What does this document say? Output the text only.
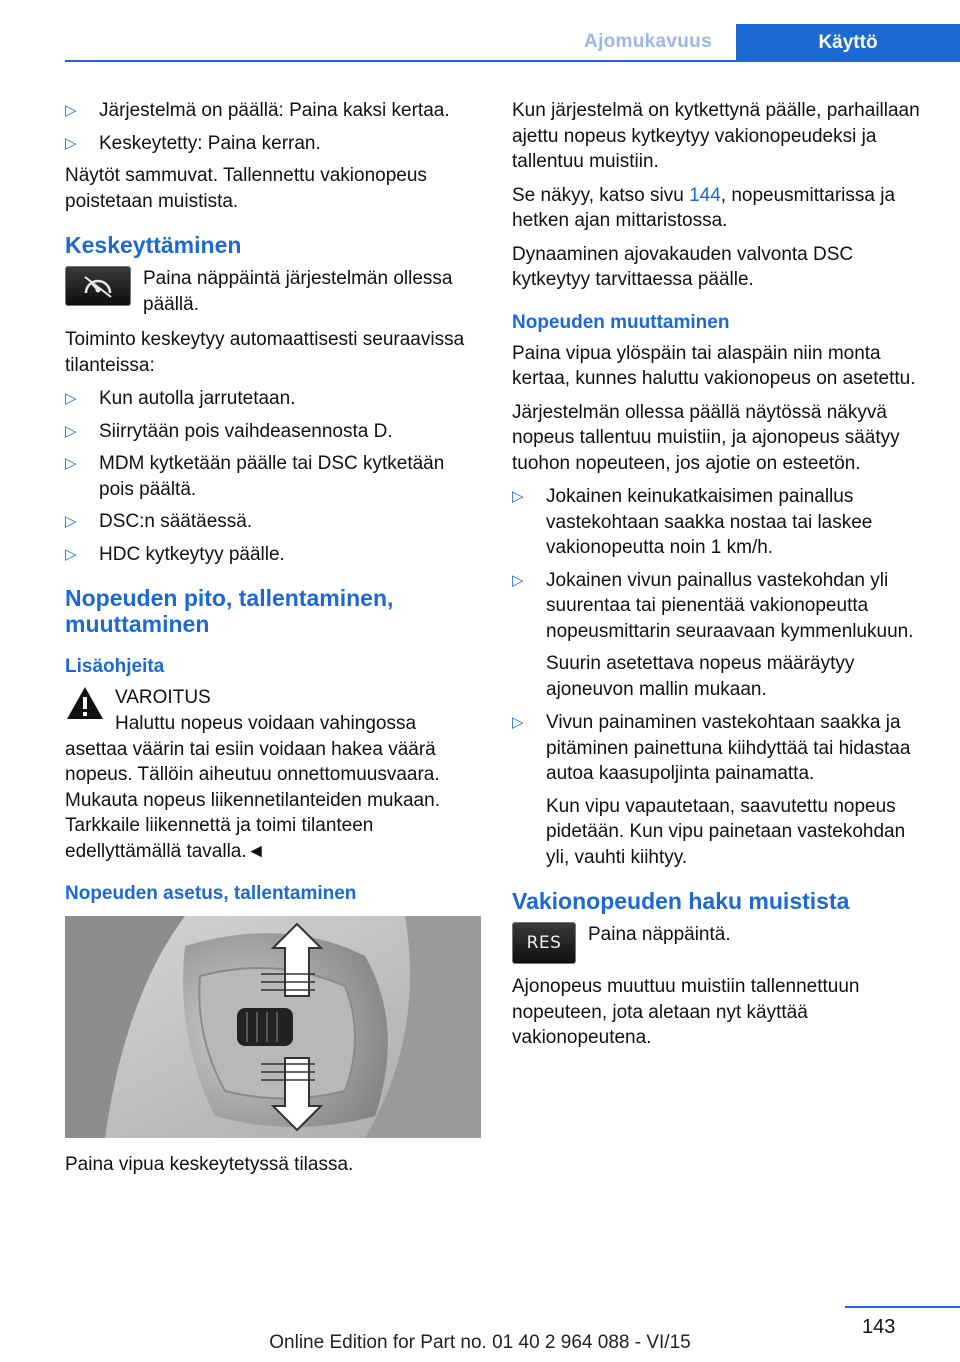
Ajomukavuus	Käyttö
▷ Järjestelmä on päällä: Paina kaksi kertaa.
▷ Keskeytetty: Paina kerran.

Näytöt sammuvat. Tallennettu vakionopeus poistetaan muistista.

Keskeyttäminen

Paina näppäintä järjestelmän ollessa päällä.

Toiminto keskeytyy automaattisesti seuraavissa tilanteissa:

▷ Kun autolla jarrutetaan.
▷ Siirrytään pois vaihdeasennosta D.
▷ MDM kytketään päälle tai DSC kytketään pois päältä.
▷ DSC:n säätäessä.
▷ HDC kytkeytyy päälle.
Nopeuden pito, tallentaminen, muuttaminen
Lisäohjeita
VAROITUS
Haluttu nopeus voidaan vahingossa asettaa väärin tai esiin voidaan hakea väärä nopeus. Tällöin aiheutuu onnettomuusvaara. Mukauta nopeus liikennetilanteiden mukaan. Tarkkaile liikennettä ja toimi tilanteen edellyttämällä tavalla.◄
Nopeuden asetus, tallentaminen

Paina vipua keskeytetyssä tilassa.

Kun järjestelmä on kytkettynä päälle, parhaillaan ajettu nopeus kytkeytyy vakionopeudeksi ja tallentuu muistiin.

Se näkyy, katso sivu 144, nopeusmittarissa ja hetken ajan mittaristossa.

Dynaaminen ajovakauden valvonta DSC kytkeytyy tarvittaessa päälle.

Nopeuden muuttaminen

Paina vipua ylöspäin tai alaspäin niin monta kertaa, kunnes haluttu vakionopeus on asetettu.

Järjestelmän ollessa päällä näytössä näkyvä nopeus tallentuu muistiin, ja ajonopeus säätyy tuohon nopeuteen, jos ajotie on esteetön.

▷ Jokainen keinukatkaisimen painallus vastekohtaan saakka nostaa tai laskee vakionopeutta noin 1 km/h.
▷ Jokainen vivun painallus vastekohdan yli suurentaa tai pienentää vakionopeutta nopeusmittarin seuraavaan kymmenlukuun.
Suurin asetettava nopeus määräytyy ajoneuvon mallin mukaan.
▷ Vivun painaminen vastekohtaan saakka ja pitäminen painettuna kiihdyttää tai hidastaa autoa kaasupoljinta painamatta.
Kun vipu vapautetaan, saavutettu nopeus pidetään. Kun vipu painetaan vastekohdan yli, vauhti kiihtyy.
Vakionopeuden haku muistista
RES	Paina näppäintä.

Ajonopeus muuttuu muistiin tallennettuun nopeuteen, jota aletaan nyt käyttää vakionopeutena.

143
Online Edition for Part no. 01 40 2 964 088 - VI/15
